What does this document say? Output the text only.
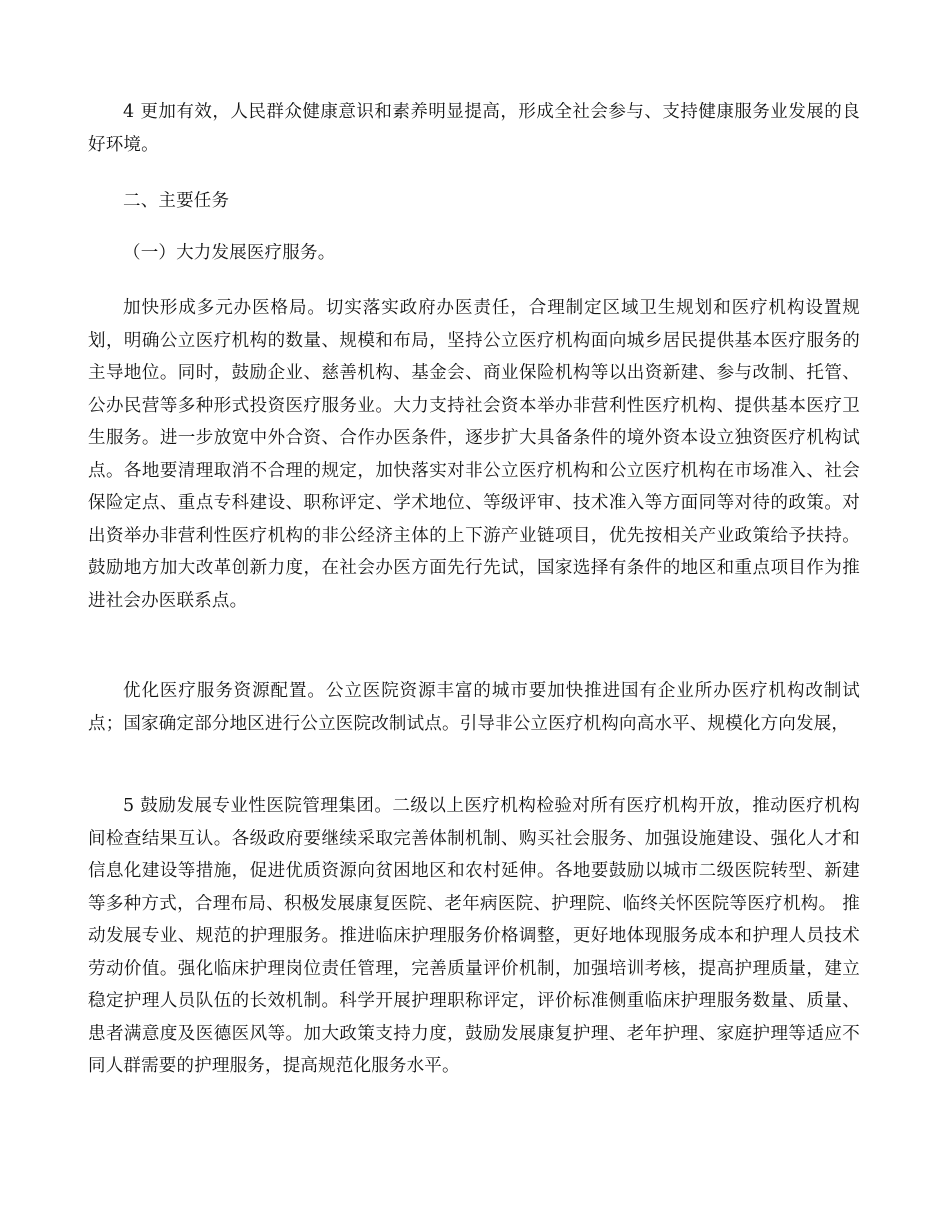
4 更加有效，人民群众健康意识和素养明显提高，形成全社会参与、支持健康服务业发展的良好环境。

二、主要任务

（一）大力发展医疗服务。

加快形成多元办医格局。切实落实政府办医责任，合理制定区域卫生规划和医疗机构设置规划，明确公立医疗机构的数量、规模和布局，坚持公立医疗机构面向城乡居民提供基本医疗服务的主导地位。同时，鼓励企业、慈善机构、基金会、商业保险机构等以出资新建、参与改制、托管、公办民营等多种形式投资医疗服务业。大力支持社会资本举办非营利性医疗机构、提供基本医疗卫生服务。进一步放宽中外合资、合作办医条件，逐步扩大具备条件的境外资本设立独资医疗机构试点。各地要清理取消不合理的规定，加快落实对非公立医疗机构和公立医疗机构在市场准入、社会保险定点、重点专科建设、职称评定、学术地位、等级评审、技术准入等方面同等对待的政策。对出资举办非营利性医疗机构的非公经济主体的上下游产业链项目，优先按相关产业政策给予扶持。鼓励地方加大改革创新力度，在社会办医方面先行先试，国家选择有条件的地区和重点项目作为推进社会办医联系点。

优化医疗服务资源配置。公立医院资源丰富的城市要加快推进国有企业所办医疗机构改制试点；国家确定部分地区进行公立医院改制试点。引导非公立医疗机构向高水平、规模化方向发展，

5 鼓励发展专业性医院管理集团。二级以上医疗机构检验对所有医疗机构开放，推动医疗机构间检查结果互认。各级政府要继续采取完善体制机制、购买社会服务、加强设施建设、强化人才和信息化建设等措施，促进优质资源向贫困地区和农村延伸。各地要鼓励以城市二级医院转型、新建等多种方式，合理布局、积极发展康复医院、老年病医院、护理院、临终关怀医院等医疗机构。 推动发展专业、规范的护理服务。推进临床护理服务价格调整，更好地体现服务成本和护理人员技术劳动价值。强化临床护理岗位责任管理，完善质量评价机制，加强培训考核，提高护理质量，建立稳定护理人员队伍的长效机制。科学开展护理职称评定，评价标准侧重临床护理服务数量、质量、患者满意度及医德医风等。加大政策支持力度，鼓励发展康复护理、老年护理、家庭护理等适应不同人群需要的护理服务，提高规范化服务水平。
